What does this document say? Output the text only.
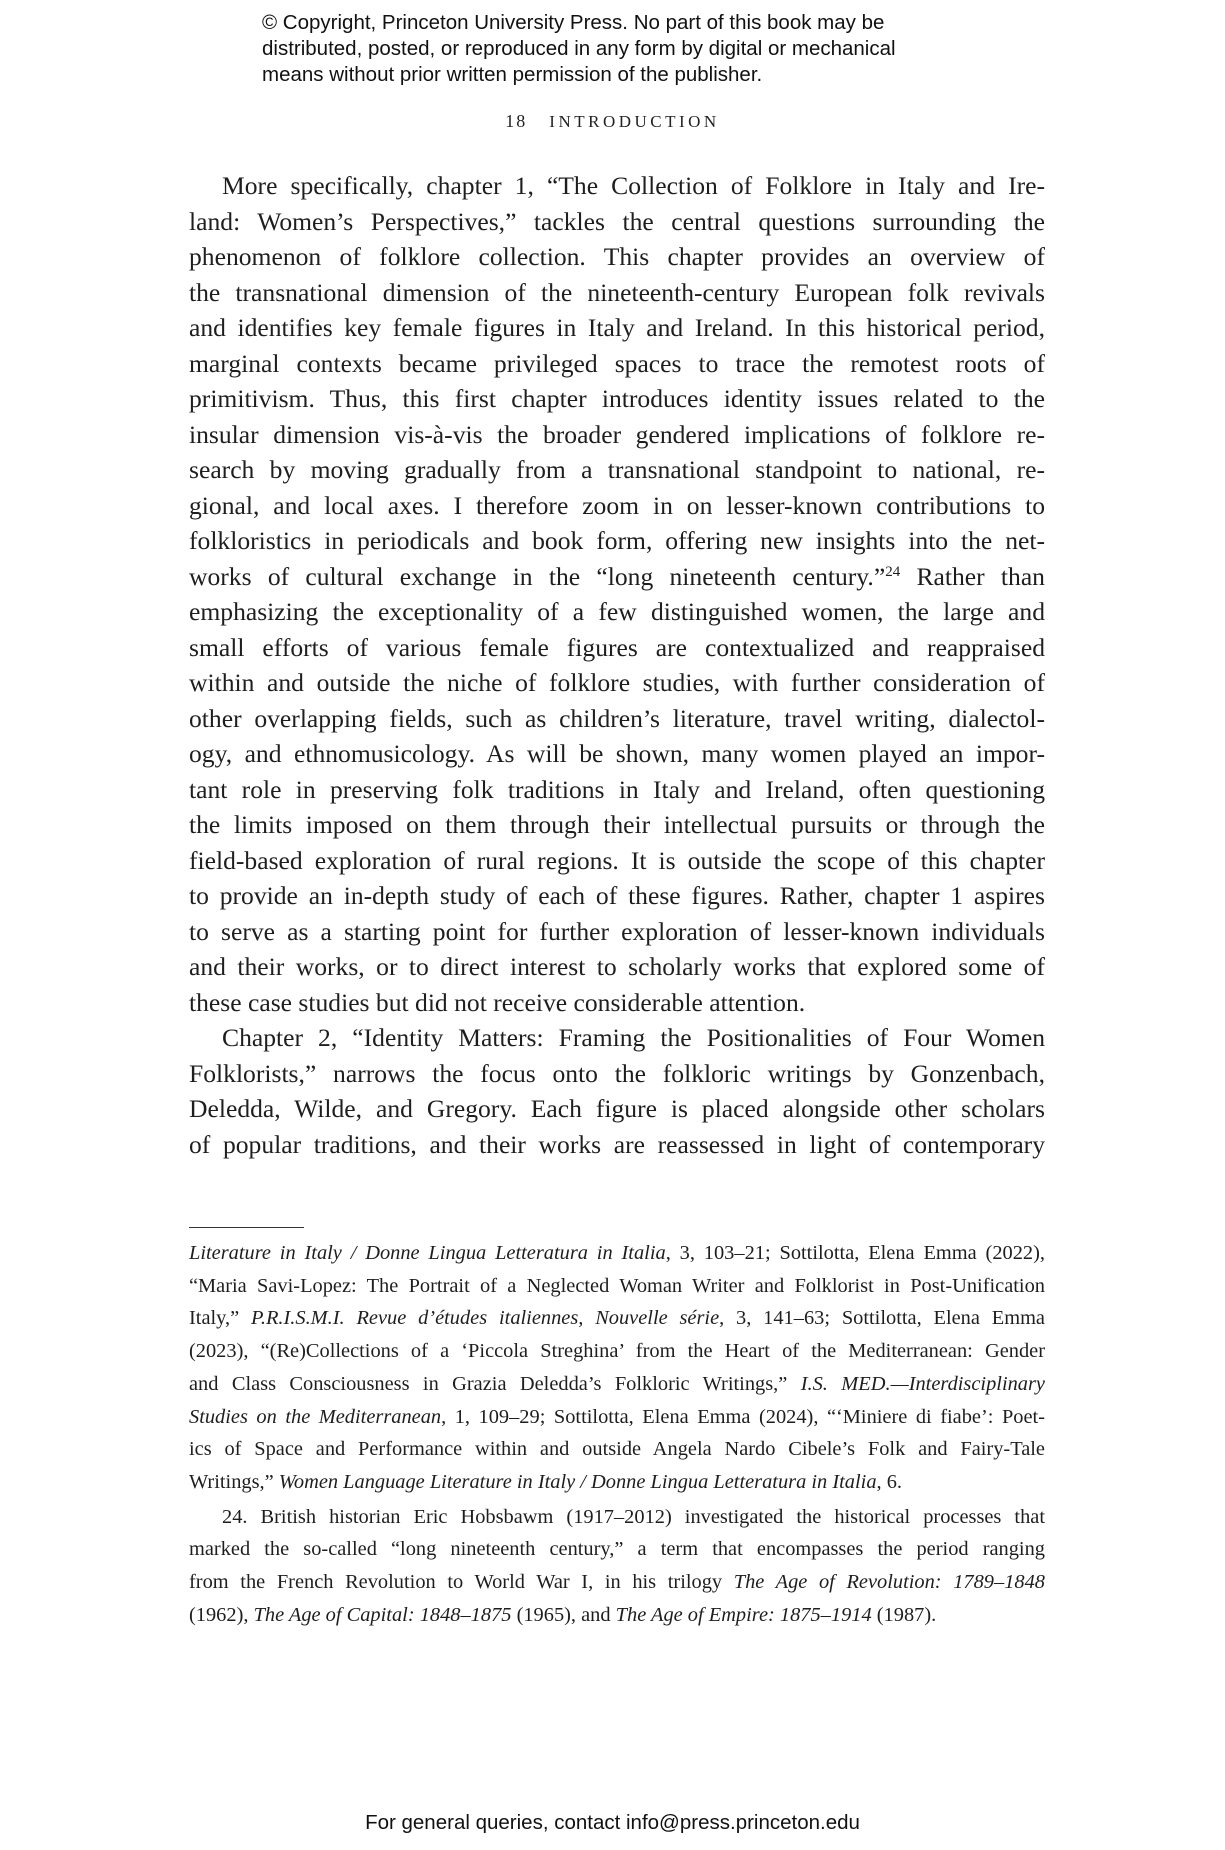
© Copyright, Princeton University Press. No part of this book may be
distributed, posted, or reproduced in any form by digital or mechanical
means without prior written permission of the publisher.
18 INTRODUCTION
More specifically, chapter 1, “The Collection of Folklore in Italy and Ire-
land: Women’s Perspectives,” tackles the central questions surrounding the
phenomenon of folklore collection. This chapter provides an overview of
the transnational dimension of the nineteenth-century European folk revivals
and identifies key female figures in Italy and Ireland. In this historical period,
marginal contexts became privileged spaces to trace the remotest roots of
primitivism. Thus, this first chapter introduces identity issues related to the
insular dimension vis-à-vis the broader gendered implications of folklore re-
search by moving gradually from a transnational standpoint to national, re-
gional, and local axes. I therefore zoom in on lesser-known contributions to
folkloristics in periodicals and book form, offering new insights into the net-
works of cultural exchange in the “long nineteenth century.”$^{24}$ Rather than
emphasizing the exceptionality of a few distinguished women, the large and
small efforts of various female figures are contextualized and reappraised
within and outside the niche of folklore studies, with further consideration of
other overlapping fields, such as children’s literature, travel writing, dialectol-
ogy, and ethnomusicology. As will be shown, many women played an impor-
tant role in preserving folk traditions in Italy and Ireland, often questioning
the limits imposed on them through their intellectual pursuits or through the
field-based exploration of rural regions. It is outside the scope of this chapter
to provide an in-depth study of each of these figures. Rather, chapter 1 aspires
to serve as a starting point for further exploration of lesser-known individuals
and their works, or to direct interest to scholarly works that explored some of
these case studies but did not receive considerable attention.
Chapter 2, “Identity Matters: Framing the Positionalities of Four Women
Folklorists,” narrows the focus onto the folkloric writings by Gonzenbach,
Deledda, Wilde, and Gregory. Each figure is placed alongside other scholars
of popular traditions, and their works are reassessed in light of contemporary
Literature in Italy / Donne Lingua Letteratura in Italia, 3, 103–21; Sottilotta, Elena Emma (2022),
“Maria Savi-Lopez: The Portrait of a Neglected Woman Writer and Folklorist in Post-Unification
Italy,” P.R.I.S.M.I. Revue d’études italiennes, Nouvelle série, 3, 141–63; Sottilotta, Elena Emma
(2023), “(Re)Collections of a ‘Piccola Streghina’ from the Heart of the Mediterranean: Gender
and Class Consciousness in Grazia Deledda’s Folkloric Writings,” I.S. MED.—Interdisciplinary
Studies on the Mediterranean, 1, 109–29; Sottilotta, Elena Emma (2024), “‘Miniere di fiabe’: Poet-
ics of Space and Performance within and outside Angela Nardo Cibele’s Folk and Fairy-Tale
Writings,” Women Language Literature in Italy / Donne Lingua Letteratura in Italia, 6.
24. British historian Eric Hobsbawm (1917–2012) investigated the historical processes that
marked the so-called “long nineteenth century,” a term that encompasses the period ranging
from the French Revolution to World War I, in his trilogy The Age of Revolution: 1789–1848
(1962), The Age of Capital: 1848–1875 (1965), and The Age of Empire: 1875–1914 (1987).
For general queries, contact info@press.princeton.edu
